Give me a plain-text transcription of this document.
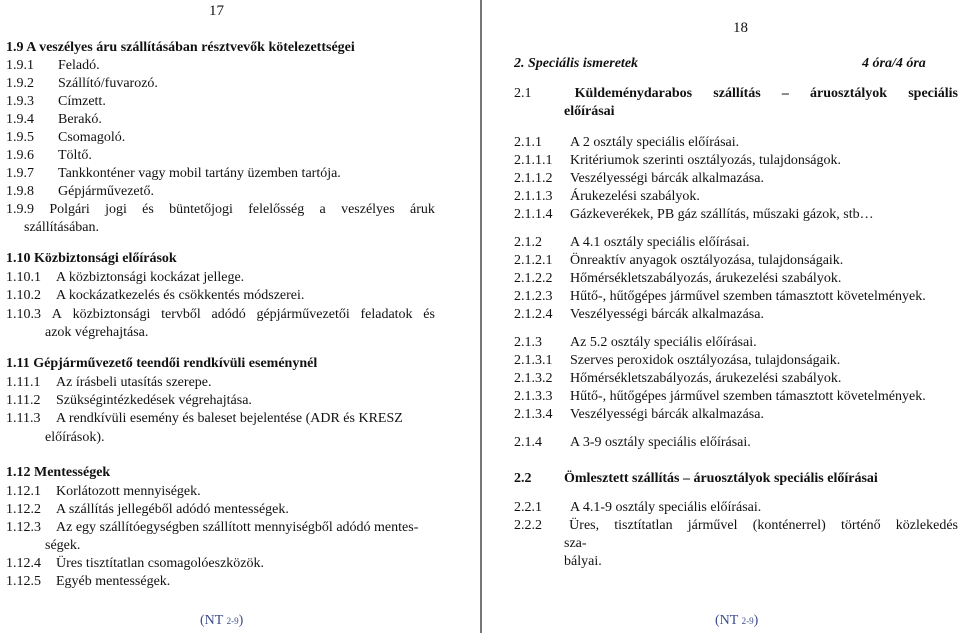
17
1.9 A veszélyes áru szállításában résztvevők kötelezettségei
1.9.1 Feladó.
1.9.2 Szállító/fuvarozó.
1.9.3 Címzett.
1.9.4 Berakó.
1.9.5 Csomagoló.
1.9.6 Töltő.
1.9.7 Tankkonténer vagy mobil tartány üzemben tartója.
1.9.8 Gépjárművezető.
1.9.9 Polgári jogi és büntetőjogi felelősség a veszélyes áruk
szállításában.
1.10 Közbiztonsági előírások
1.10.1 A közbiztonsági kockázat jellege.
1.10.2 A kockázatkezelés és csökkentés módszerei.
1.10.3 A közbiztonsági tervből adódó gépjárművezetői feladatok és
azok végrehajtása.
1.11 Gépjárművezető teendői rendkívüli eseménynél
1.11.1 Az írásbeli utasítás szerepe.
1.11.2 Szükségintézkedések végrehajtása.
1.11.3 A rendkívüli esemény és baleset bejelentése (ADR és KRESZ
előírások).
1.12 Mentességek
1.12.1 Korlátozott mennyiségek.
1.12.2 A szállítás jellegéből adódó mentességek.
1.12.3 Az egy szállítóegységben szállított mennyiségből adódó mentes-
ségek.
1.12.4 Üres tisztítatlan csomagolóeszközök.
1.12.5 Egyéb mentességek.
(NT 2-9)
18
2. Speciális ismeretek	4 óra/4 óra
2.1	Küldeménydarabos szállítás – áruosztályok speciális
előírásai
2.1.1 A 2 osztály speciális előírásai.
2.1.1.1 Kritériumok szerinti osztályozás, tulajdonságok.
2.1.1.2 Veszélyességi bárcák alkalmazása.
2.1.1.3 Árukezelési szabályok.
2.1.1.4 Gázkeverékek, PB gáz szállítás, műszaki gázok, stb…
2.1.2 A 4.1 osztály speciális előírásai.
2.1.2.1 Önreaktív anyagok osztályozása, tulajdonságaik.
2.1.2.2 Hőmérsékletszabályozás, árukezelési szabályok.
2.1.2.3 Hűtő-, hűtőgépes járművel szemben támasztott követelmények.
2.1.2.4 Veszélyességi bárcák alkalmazása.
2.1.3 Az 5.2 osztály speciális előírásai.
2.1.3.1 Szerves peroxidok osztályozása, tulajdonságaik.
2.1.3.2 Hőmérsékletszabályozás, árukezelési szabályok.
2.1.3.3 Hűtő-, hűtőgépes járművel szemben támasztott követelmények.
2.1.3.4 Veszélyességi bárcák alkalmazása.
2.1.4 A 3-9 osztály speciális előírásai.
2.2 Ömlesztett szállítás – áruosztályok speciális előírásai
2.2.1 A 4.1-9 osztály speciális előírásai.
2.2.2 Üres, tisztítatlan járművel (konténerrel) történő közlekedés
sza-
bályai.
(NT 2-9)
